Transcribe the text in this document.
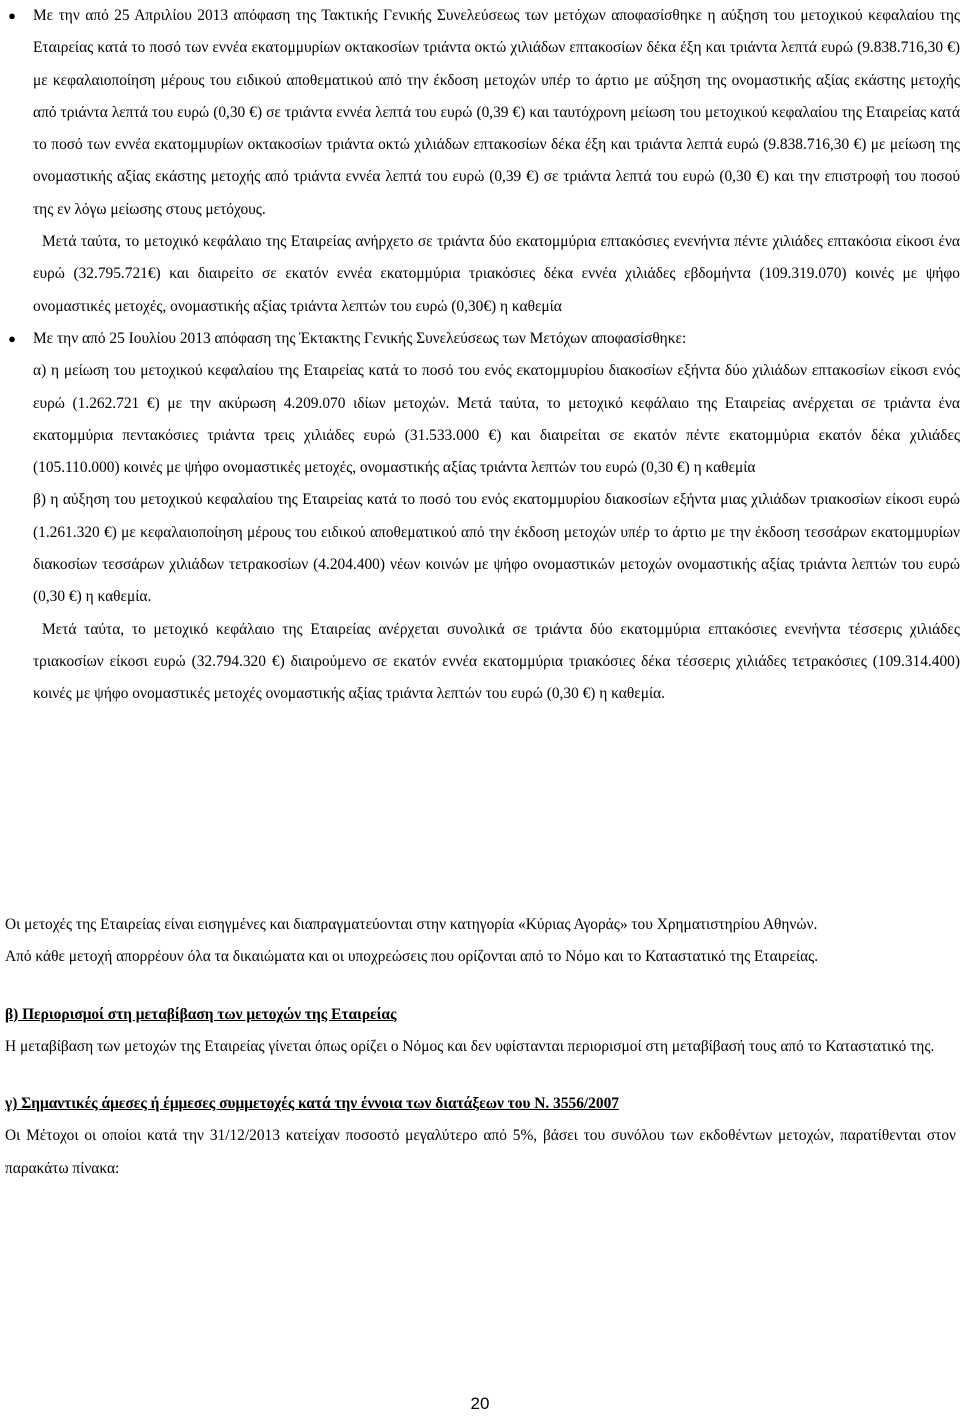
● Με την από 25 Απριλίου 2013 απόφαση της Τακτικής Γενικής Συνελεύσεως των μετόχων αποφασίσθηκε η αύξηση του μετοχικού κεφαλαίου της Εταιρείας κατά το ποσό των εννέα εκατομμυρίων οκτακοσίων τριάντα οκτώ χιλιάδων επτακοσίων δέκα έξη και τριάντα λεπτά ευρώ (9.838.716,30 €) με κεφαλαιοποίηση μέρους του ειδικού αποθεματικού από την έκδοση μετοχών υπέρ το άρτιο με αύξηση της ονομαστικής αξίας εκάστης μετοχής από τριάντα λεπτά του ευρώ (0,30 €) σε τριάντα εννέα λεπτά του ευρώ (0,39 €) και ταυτόχρονη μείωση του μετοχικού κεφαλαίου της Εταιρείας κατά το ποσό των εννέα εκατομμυρίων οκτακοσίων τριάντα οκτώ χιλιάδων επτακοσίων δέκα έξη και τριάντα λεπτά ευρώ (9.838.716,30 €) με μείωση της ονομαστικής αξίας εκάστης μετοχής από τριάντα εννέα λεπτά του ευρώ (0,39 €) σε τριάντα λεπτά του ευρώ (0,30 €) και την επιστροφή του ποσού της εν λόγω μείωσης στους μετόχους.
Μετά ταύτα, το μετοχικό κεφάλαιο της Εταιρείας ανήρχετο σε τριάντα δύο εκατομμύρια επτακόσιες ενενήντα πέντε χιλιάδες επτακόσια είκοσι ένα ευρώ (32.795.721€) και διαιρείτο σε εκατόν εννέα εκατομμύρια τριακόσιες δέκα εννέα χιλιάδες εβδομήντα (109.319.070) κοινές με ψήφο ονομαστικές μετοχές, ονομαστικής αξίας τριάντα λεπτών του ευρώ (0,30€) η καθεμία
● Με την από 25 Ιουλίου 2013 απόφαση της Έκτακτης Γενικής Συνελεύσεως των Μετόχων αποφασίσθηκε:
α) η μείωση του μετοχικού κεφαλαίου της Εταιρείας κατά το ποσό του ενός εκατομμυρίου διακοσίων εξήντα δύο χιλιάδων επτακοσίων είκοσι ενός ευρώ (1.262.721 €) με την ακύρωση 4.209.070 ιδίων μετοχών. Μετά ταύτα, το μετοχικό κεφάλαιο της Εταιρείας ανέρχεται σε τριάντα ένα εκατομμύρια πεντακόσιες τριάντα τρεις χιλιάδες ευρώ (31.533.000 €) και διαιρείται σε εκατόν πέντε εκατομμύρια εκατόν δέκα χιλιάδες (105.110.000) κοινές με ψήφο ονομαστικές μετοχές, ονομαστικής αξίας τριάντα λεπτών του ευρώ (0,30 €) η καθεμία
β) η αύξηση του μετοχικού κεφαλαίου της Εταιρείας κατά το ποσό του ενός εκατομμυρίου διακοσίων εξήντα μιας χιλιάδων τριακοσίων είκοσι ευρώ (1.261.320 €) με κεφαλαιοποίηση μέρους του ειδικού αποθεματικού από την έκδοση μετοχών υπέρ το άρτιο με την έκδοση τεσσάρων εκατομμυρίων διακοσίων τεσσάρων χιλιάδων τετρακοσίων (4.204.400) νέων κοινών με ψήφο ονομαστικών μετοχών ονομαστικής αξίας τριάντα λεπτών του ευρώ (0,30 €) η καθεμία.
Μετά ταύτα, το μετοχικό κεφάλαιο της Εταιρείας ανέρχεται συνολικά σε τριάντα δύο εκατομμύρια επτακόσιες ενενήντα τέσσερις χιλιάδες τριακοσίων είκοσι ευρώ (32.794.320 €) διαιρούμενο σε εκατόν εννέα εκατομμύρια τριακόσιες δέκα τέσσερις χιλιάδες τετρακόσιες (109.314.400) κοινές με ψήφο ονομαστικές μετοχές ονομαστικής αξίας τριάντα λεπτών του ευρώ (0,30 €) η καθεμία.
Οι μετοχές της Εταιρείας είναι εισηγμένες και διαπραγματεύονται στην κατηγορία «Κύριας Αγοράς» του Χρηματιστηρίου Αθηνών.
Από κάθε μετοχή απορρέουν όλα τα δικαιώματα και οι υποχρεώσεις που ορίζονται από το Νόμο και το Καταστατικό της Εταιρείας.
β) Περιορισμοί στη μεταβίβαση των μετοχών της Εταιρείας
Η μεταβίβαση των μετοχών της Εταιρείας γίνεται όπως ορίζει ο Νόμος και δεν υφίστανται περιορισμοί στη μεταβίβασή τους από το Καταστατικό της.
γ) Σημαντικές άμεσες ή έμμεσες συμμετοχές κατά την έννοια των διατάξεων του Ν. 3556/2007
Οι Μέτοχοι οι οποίοι κατά την 31/12/2013 κατείχαν ποσοστό μεγαλύτερο από 5%, βάσει του συνόλου των εκδοθέντων μετοχών, παρατίθενται στον παρακάτω πίνακα:
20
